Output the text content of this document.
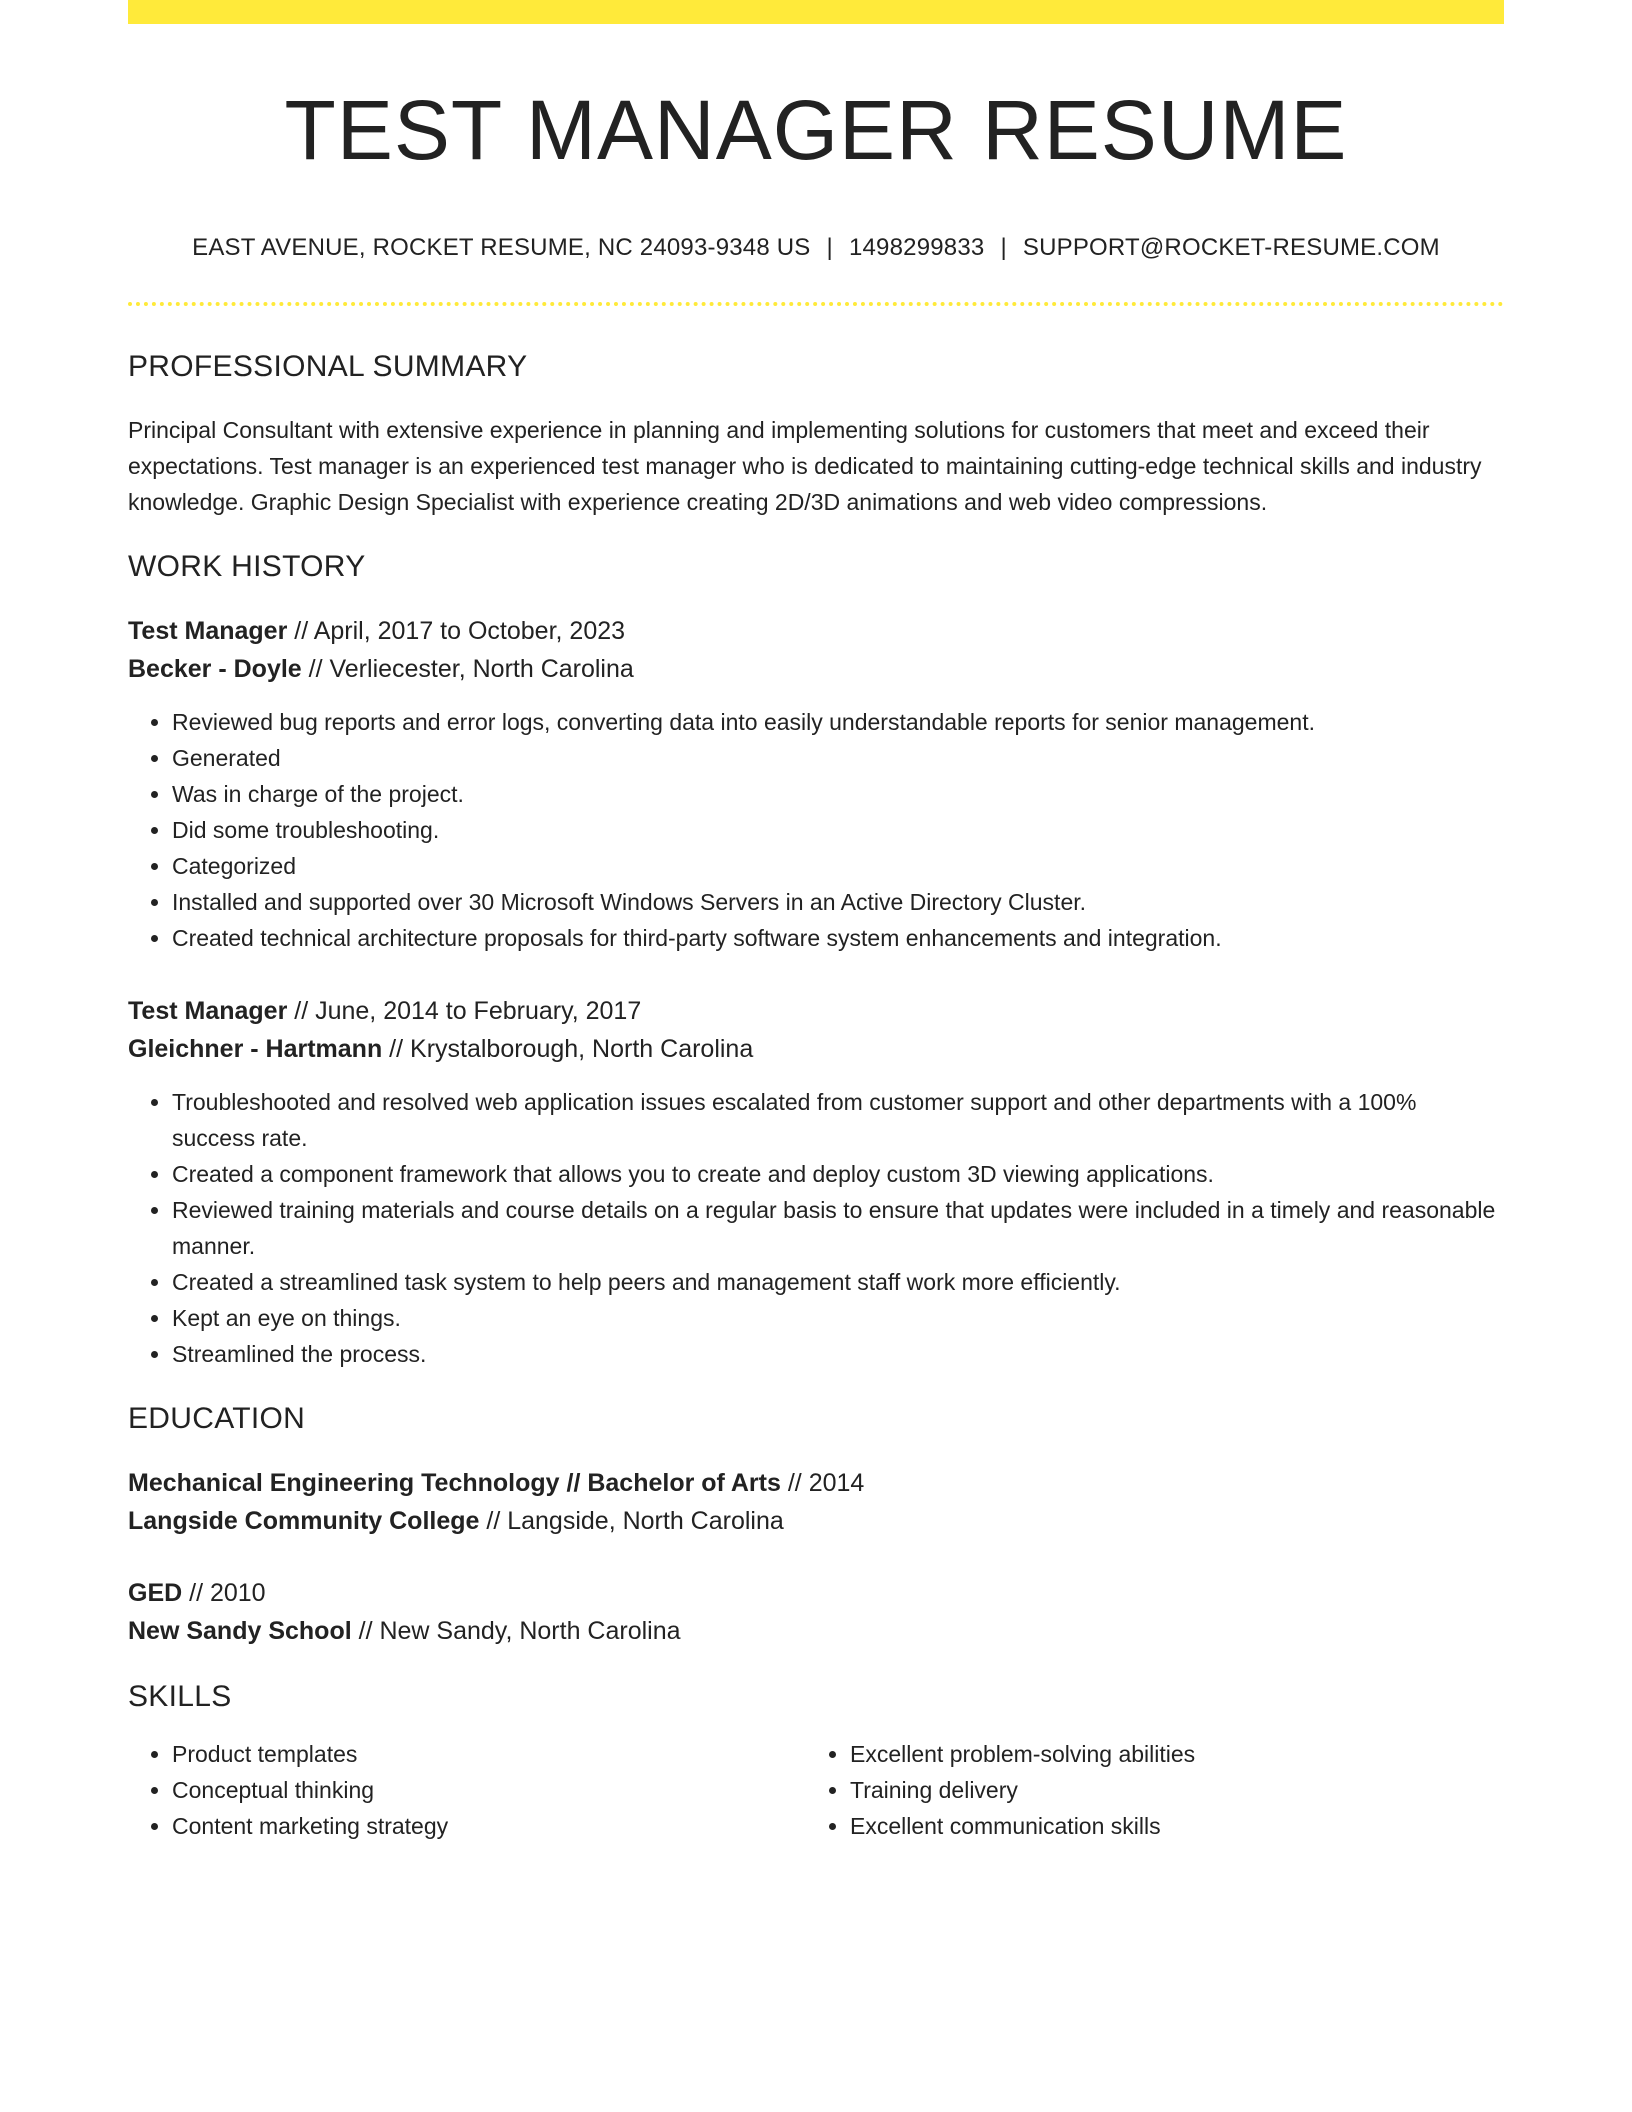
TEST MANAGER RESUME
EAST AVENUE, ROCKET RESUME, NC 24093-9348 US | 1498299833 | SUPPORT@ROCKET-RESUME.COM
PROFESSIONAL SUMMARY

Principal Consultant with extensive experience in planning and implementing solutions for customers that meet and exceed their expectations. Test manager is an experienced test manager who is dedicated to maintaining cutting-edge technical skills and industry knowledge. Graphic Design Specialist with experience creating 2D/3D animations and web video compressions.

WORK HISTORY
Test Manager // April, 2017 to October, 2023
Becker - Doyle // Verliecester, North Carolina
• Reviewed bug reports and error logs, converting data into easily understandable reports for senior management.
• Generated
• Was in charge of the project.
• Did some troubleshooting.
• Categorized
• Installed and supported over 30 Microsoft Windows Servers in an Active Directory Cluster.
• Created technical architecture proposals for third-party software system enhancements and integration.
Test Manager // June, 2014 to February, 2017
Gleichner - Hartmann // Krystalborough, North Carolina
• Troubleshooted and resolved web application issues escalated from customer support and other departments with a 100% success rate.
• Created a component framework that allows you to create and deploy custom 3D viewing applications.
• Reviewed training materials and course details on a regular basis to ensure that updates were included in a timely and reasonable manner.
• Created a streamlined task system to help peers and management staff work more efficiently.
• Kept an eye on things.
• Streamlined the process.
EDUCATION
Mechanical Engineering Technology // Bachelor of Arts // 2014
Langside Community College // Langside, North Carolina
GED // 2010
New Sandy School // New Sandy, North Carolina
SKILLS
• Product templates
• Conceptual thinking
• Content marketing strategy
• Excellent problem-solving abilities
• Training delivery
• Excellent communication skills
